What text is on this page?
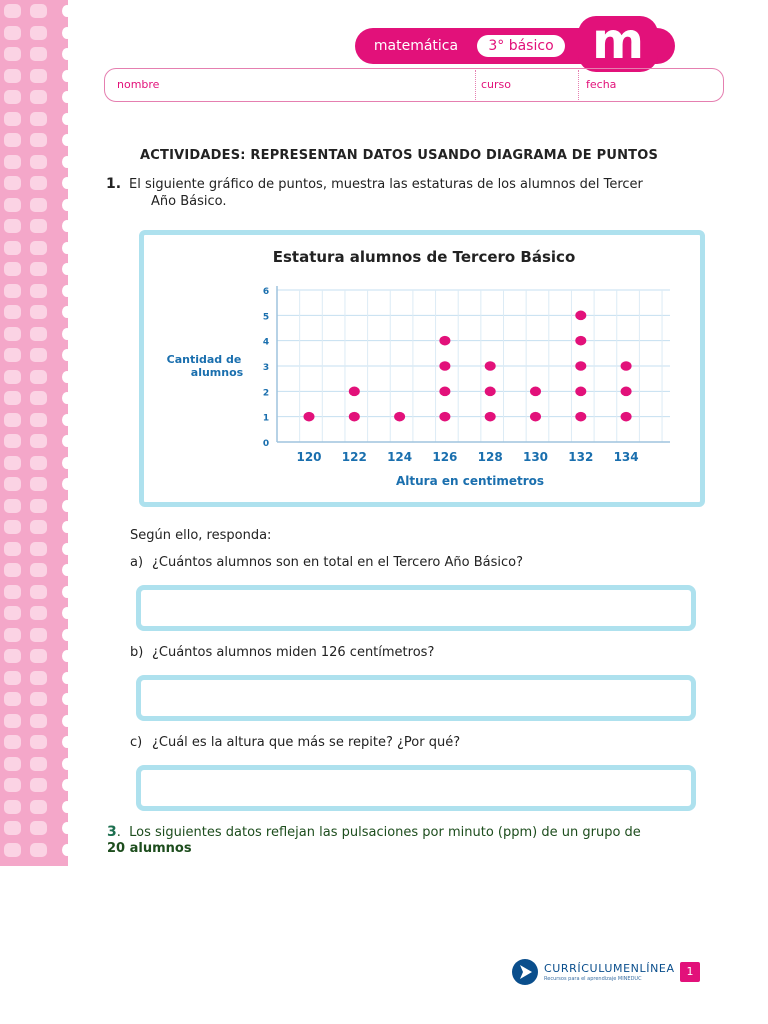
matemática	3° básico m
nombre	curso	fecha
ACTIVIDADES: REPRESENTAN DATOS USANDO DIAGRAMA DE PUNTOS
1. El siguiente gráfico de puntos, muestra las estaturas de los alumnos del Tercer
Año Básico.
Estatura alumnos de Tercero Básico
Cantidad de
alumnos
Altura en centimetros
0
1
2
3
4
5
6
120 122 124 126 128 130 132 134
Según ello, responda:
a) ¿Cuántos alumnos son en total en el Tercero Año Básico?
b) ¿Cuántos alumnos miden 126 centímetros?
c) ¿Cuál es la altura que más se repite? ¿Por qué?
3. Los siguientes datos reflejan las pulsaciones por minuto (ppm) de un grupo de
20 alumnos
CURRÍCULUMENLÍNEA
Recursos para el aprendizaje MINEDUC
1
